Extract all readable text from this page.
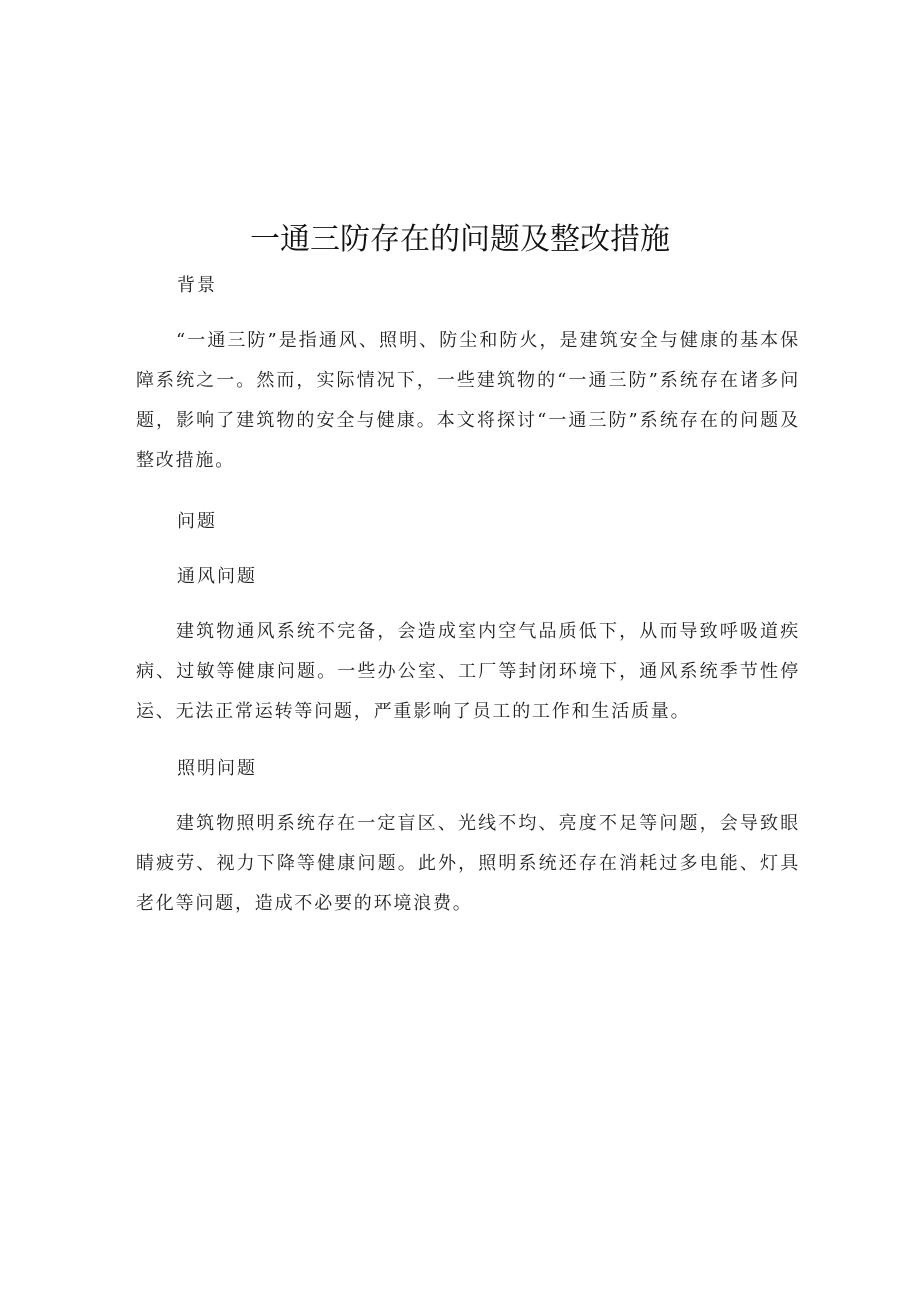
一通三防存在的问题及整改措施
背景
“一通三防”是指通风、照明、防尘和防火，是建筑安全与健康的基本保障系统之一。然而，实际情况下，一些建筑物的“一通三防”系统存在诸多问题，影响了建筑物的安全与健康。本文将探讨“一通三防”系统存在的问题及整改措施。
问题
通风问题
建筑物通风系统不完备，会造成室内空气品质低下，从而导致呼吸道疾病、过敏等健康问题。一些办公室、工厂等封闭环境下，通风系统季节性停运、无法正常运转等问题，严重影响了员工的工作和生活质量。
照明问题
建筑物照明系统存在一定盲区、光线不均、亮度不足等问题，会导致眼睛疲劳、视力下降等健康问题。此外，照明系统还存在消耗过多电能、灯具老化等问题，造成不必要的环境浪费。
